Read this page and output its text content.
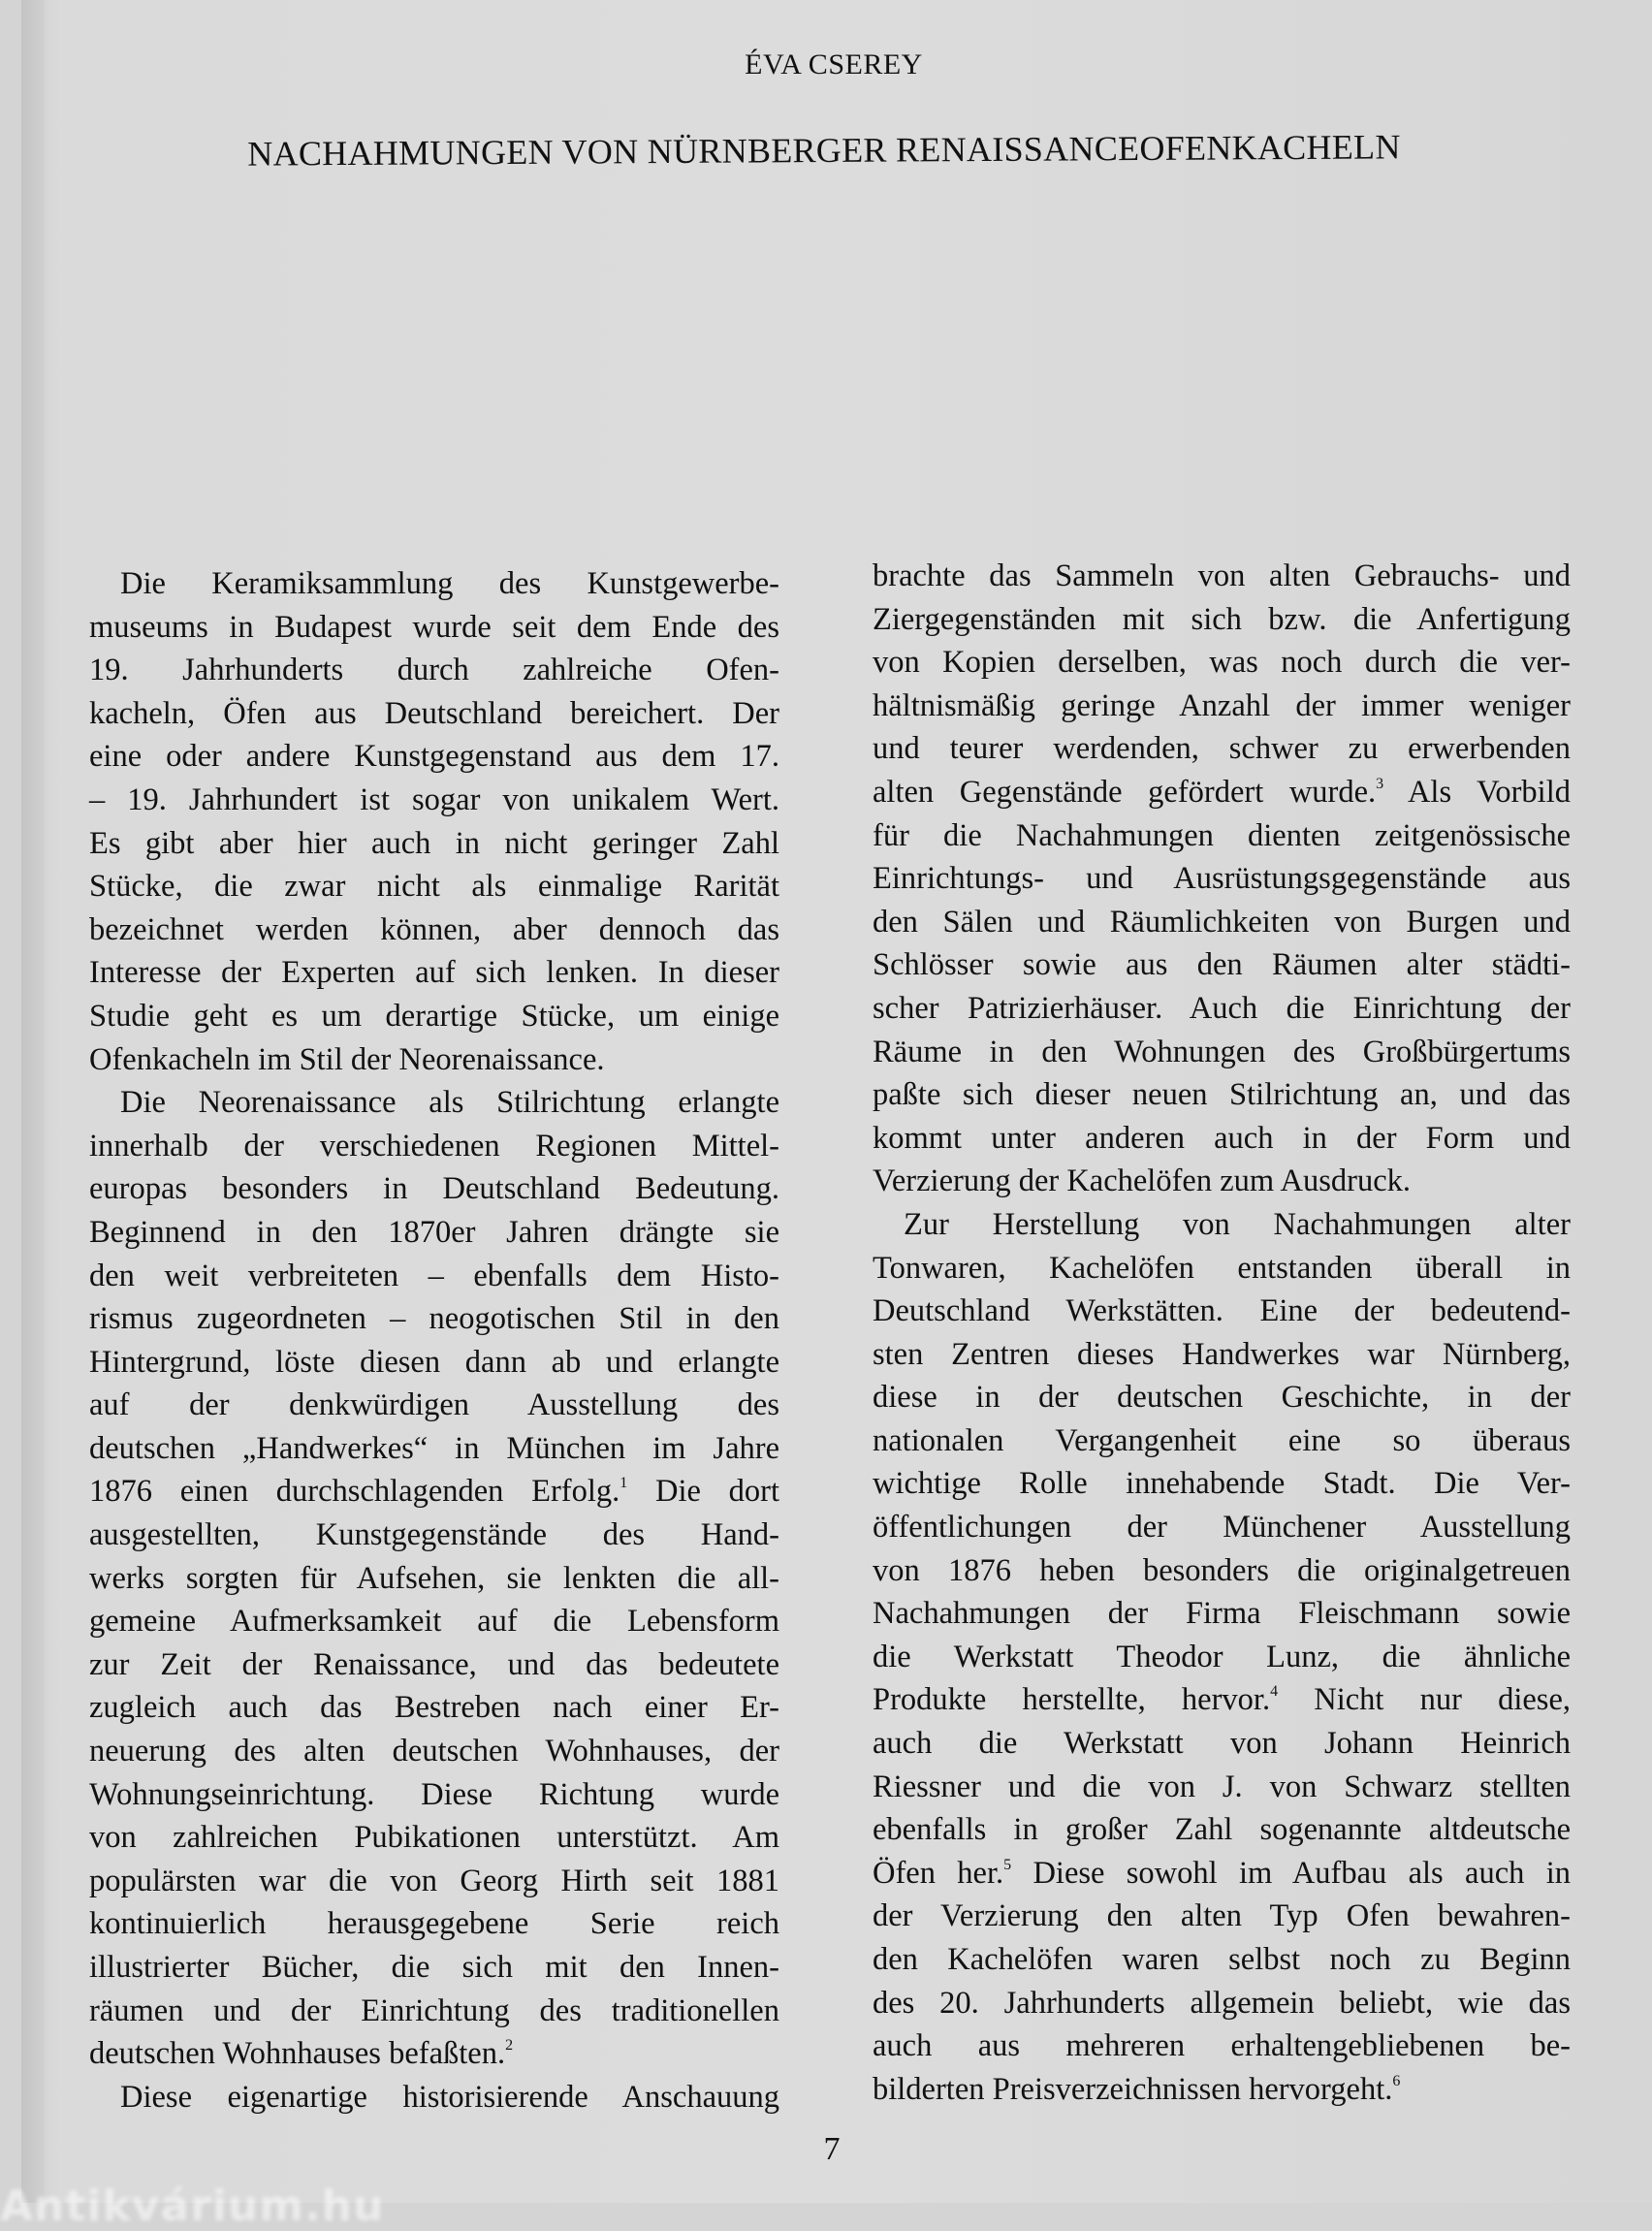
ÉVA CSEREY
NACHAHMUNGEN VON NÜRNBERGER RENAISSANCEOFENKACHELN
Die Keramiksammlung des Kunstgewerbe-
museums in Budapest wurde seit dem Ende des
19. Jahrhunderts durch zahlreiche Ofen-
kacheln, Öfen aus Deutschland bereichert. Der
eine oder andere Kunstgegenstand aus dem 17.
– 19. Jahrhundert ist sogar von unikalem Wert.
Es gibt aber hier auch in nicht geringer Zahl
Stücke, die zwar nicht als einmalige Rarität
bezeichnet werden können, aber dennoch das
Interesse der Experten auf sich lenken. In dieser
Studie geht es um derartige Stücke, um einige
Ofenkacheln im Stil der Neorenaissance.
Die Neorenaissance als Stilrichtung erlangte
innerhalb der verschiedenen Regionen Mittel-
europas besonders in Deutschland Bedeutung.
Beginnend in den 1870er Jahren drängte sie
den weit verbreiteten – ebenfalls dem Histo-
rismus zugeordneten – neogotischen Stil in den
Hintergrund, löste diesen dann ab und erlangte
auf der denkwürdigen Ausstellung des
deutschen „Handwerkes“ in München im Jahre
1876 einen durchschlagenden Erfolg.$^1$ Die dort
ausgestellten, Kunstgegenstände des Hand-
werks sorgten für Aufsehen, sie lenkten die all-
gemeine Aufmerksamkeit auf die Lebensform
zur Zeit der Renaissance, und das bedeutete
zugleich auch das Bestreben nach einer Er-
neuerung des alten deutschen Wohnhauses, der
Wohnungseinrichtung. Diese Richtung wurde
von zahlreichen Pubikationen unterstützt. Am
populärsten war die von Georg Hirth seit 1881
kontinuierlich herausgegebene Serie reich
illustrierter Bücher, die sich mit den Innen-
räumen und der Einrichtung des traditionellen
deutschen Wohnhauses befaßten.$^2$
Diese eigenartige historisierende Anschauung
brachte das Sammeln von alten Gebrauchs- und
Ziergegenständen mit sich bzw. die Anfertigung
von Kopien derselben, was noch durch die ver-
hältnismäßig geringe Anzahl der immer weniger
und teurer werdenden, schwer zu erwerbenden
alten Gegenstände gefördert wurde.$^3$ Als Vorbild
für die Nachahmungen dienten zeitgenössische
Einrichtungs- und Ausrüstungsgegenstände aus
den Sälen und Räumlichkeiten von Burgen und
Schlösser sowie aus den Räumen alter städti-
scher Patrizierhäuser. Auch die Einrichtung der
Räume in den Wohnungen des Großbürgertums
paßte sich dieser neuen Stilrichtung an, und das
kommt unter anderen auch in der Form und
Verzierung der Kachelöfen zum Ausdruck.
Zur Herstellung von Nachahmungen alter
Tonwaren, Kachelöfen entstanden überall in
Deutschland Werkstätten. Eine der bedeutend-
sten Zentren dieses Handwerkes war Nürnberg,
diese in der deutschen Geschichte, in der
nationalen Vergangenheit eine so überaus
wichtige Rolle innehabende Stadt. Die Ver-
öffentlichungen der Münchener Ausstellung
von 1876 heben besonders die originalgetreuen
Nachahmungen der Firma Fleischmann sowie
die Werkstatt Theodor Lunz, die ähnliche
Produkte herstellte, hervor.$^4$ Nicht nur diese,
auch die Werkstatt von Johann Heinrich
Riessner und die von J. von Schwarz stellten
ebenfalls in großer Zahl sogenannte altdeutsche
Öfen her.$^5$ Diese sowohl im Aufbau als auch in
der Verzierung den alten Typ Ofen bewahren-
den Kachelöfen waren selbst noch zu Beginn
des 20. Jahrhunderts allgemein beliebt, wie das
auch aus mehreren erhaltengebliebenen be-
bilderten Preisverzeichnissen hervorgeht.$^6$
7
Antikvárium.hu
